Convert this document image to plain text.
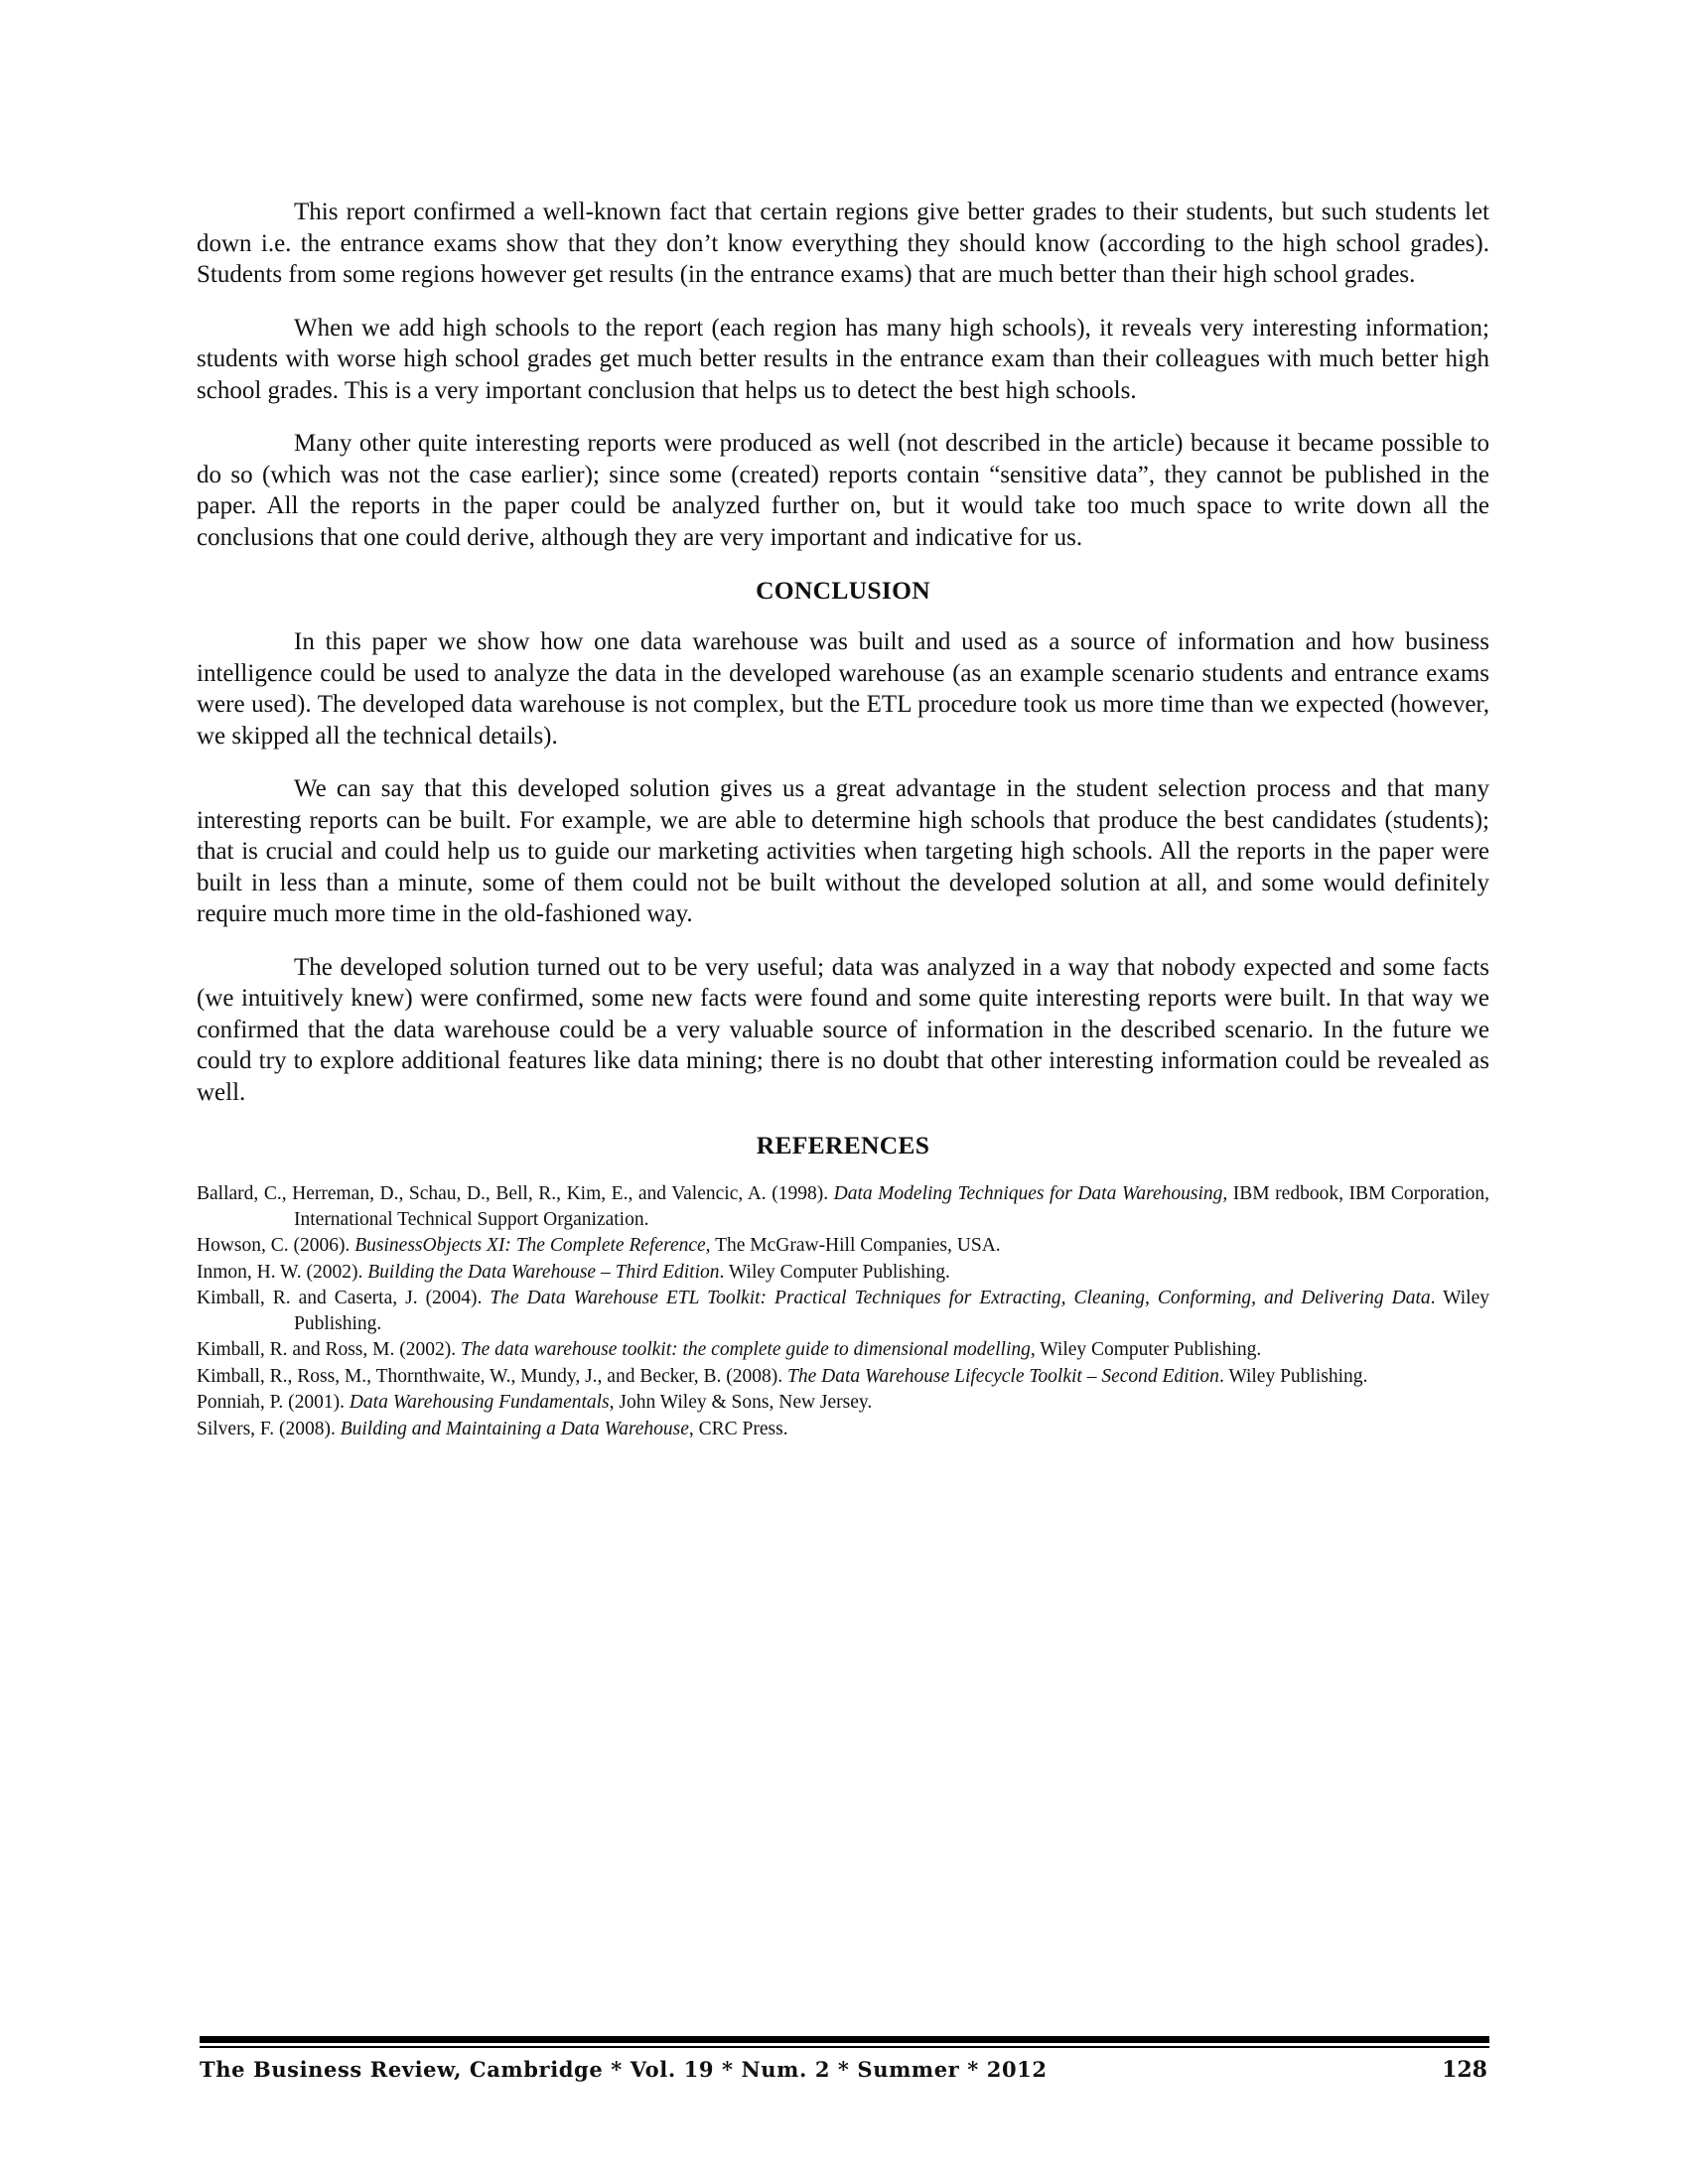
This report confirmed a well-known fact that certain regions give better grades to their students, but such students let down i.e. the entrance exams show that they don’t know everything they should know (according to the high school grades). Students from some regions however get results (in the entrance exams) that are much better than their high school grades.

When we add high schools to the report (each region has many high schools), it reveals very interesting information; students with worse high school grades get much better results in the entrance exam than their colleagues with much better high school grades. This is a very important conclusion that helps us to detect the best high schools.

Many other quite interesting reports were produced as well (not described in the article) because it became possible to do so (which was not the case earlier); since some (created) reports contain “sensitive data”, they cannot be published in the paper. All the reports in the paper could be analyzed further on, but it would take too much space to write down all the conclusions that one could derive, although they are very important and indicative for us.

CONCLUSION

In this paper we show how one data warehouse was built and used as a source of information and how business intelligence could be used to analyze the data in the developed warehouse (as an example scenario students and entrance exams were used). The developed data warehouse is not complex, but the ETL procedure took us more time than we expected (however, we skipped all the technical details).

We can say that this developed solution gives us a great advantage in the student selection process and that many interesting reports can be built. For example, we are able to determine high schools that produce the best candidates (students); that is crucial and could help us to guide our marketing activities when targeting high schools. All the reports in the paper were built in less than a minute, some of them could not be built without the developed solution at all, and some would definitely require much more time in the old-fashioned way.

The developed solution turned out to be very useful; data was analyzed in a way that nobody expected and some facts (we intuitively knew) were confirmed, some new facts were found and some quite interesting reports were built. In that way we confirmed that the data warehouse could be a very valuable source of information in the described scenario. In the future we could try to explore additional features like data mining; there is no doubt that other interesting information could be revealed as well.

REFERENCES
Ballard, C., Herreman, D., Schau, D., Bell, R., Kim, E., and Valencic, A. (1998). Data Modeling Techniques for Data Warehousing, IBM redbook, IBM Corporation, International Technical Support Organization.
Howson, C. (2006). BusinessObjects XI: The Complete Reference, The McGraw-Hill Companies, USA.
Inmon, H. W. (2002). Building the Data Warehouse – Third Edition. Wiley Computer Publishing.
Kimball, R. and Caserta, J. (2004). The Data Warehouse ETL Toolkit: Practical Techniques for Extracting, Cleaning, Conforming, and Delivering Data. Wiley Publishing.
Kimball, R. and Ross, M. (2002). The data warehouse toolkit: the complete guide to dimensional modelling, Wiley Computer Publishing.
Kimball, R., Ross, M., Thornthwaite, W., Mundy, J., and Becker, B. (2008). The Data Warehouse Lifecycle Toolkit – Second Edition. Wiley Publishing.
Ponniah, P. (2001). Data Warehousing Fundamentals, John Wiley & Sons, New Jersey.
Silvers, F. (2008). Building and Maintaining a Data Warehouse, CRC Press.
The Business Review, Cambridge * Vol. 19 * Num. 2 * Summer * 2012	128
